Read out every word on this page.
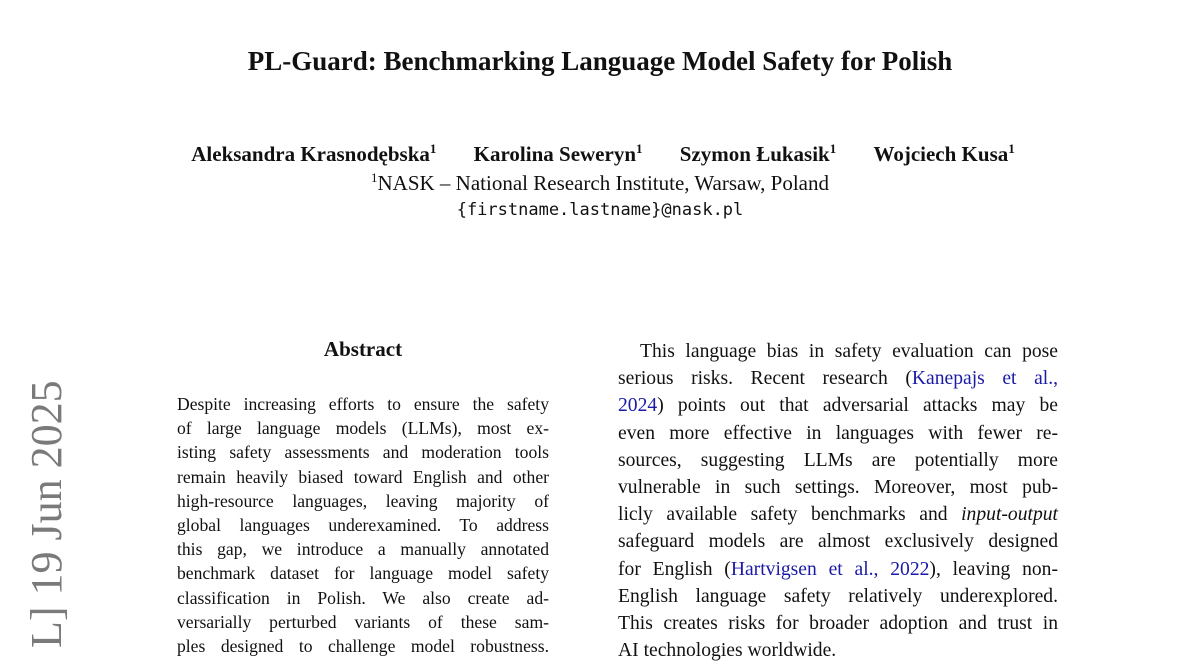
L] 19 Jun 2025
PL-Guard: Benchmarking Language Model Safety for Polish
Aleksandra Krasnodębska$^1$ Karolina Seweryn$^1$ Szymon Łukasik$^1$ Wojciech Kusa$^1$
$^1$NASK – National Research Institute, Warsaw, Poland
{firstname.lastname}@nask.pl
Abstract
Despite increasing efforts to ensure the safety
of large language models (LLMs), most ex-
isting safety assessments and moderation tools
remain heavily biased toward English and other
high-resource languages, leaving majority of
global languages underexamined. To address
this gap, we introduce a manually annotated
benchmark dataset for language model safety
classification in Polish. We also create ad-
versarially perturbed variants of these sam-
ples designed to challenge model robustness.
This language bias in safety evaluation can pose
serious risks. Recent research (Kanepajs et al.,
2024) points out that adversarial attacks may be
even more effective in languages with fewer re-
sources, suggesting LLMs are potentially more
vulnerable in such settings. Moreover, most pub-
licly available safety benchmarks and input-output
safeguard models are almost exclusively designed
for English (Hartvigsen et al., 2022), leaving non-
English language safety relatively underexplored.
This creates risks for broader adoption and trust in
AI technologies worldwide.
